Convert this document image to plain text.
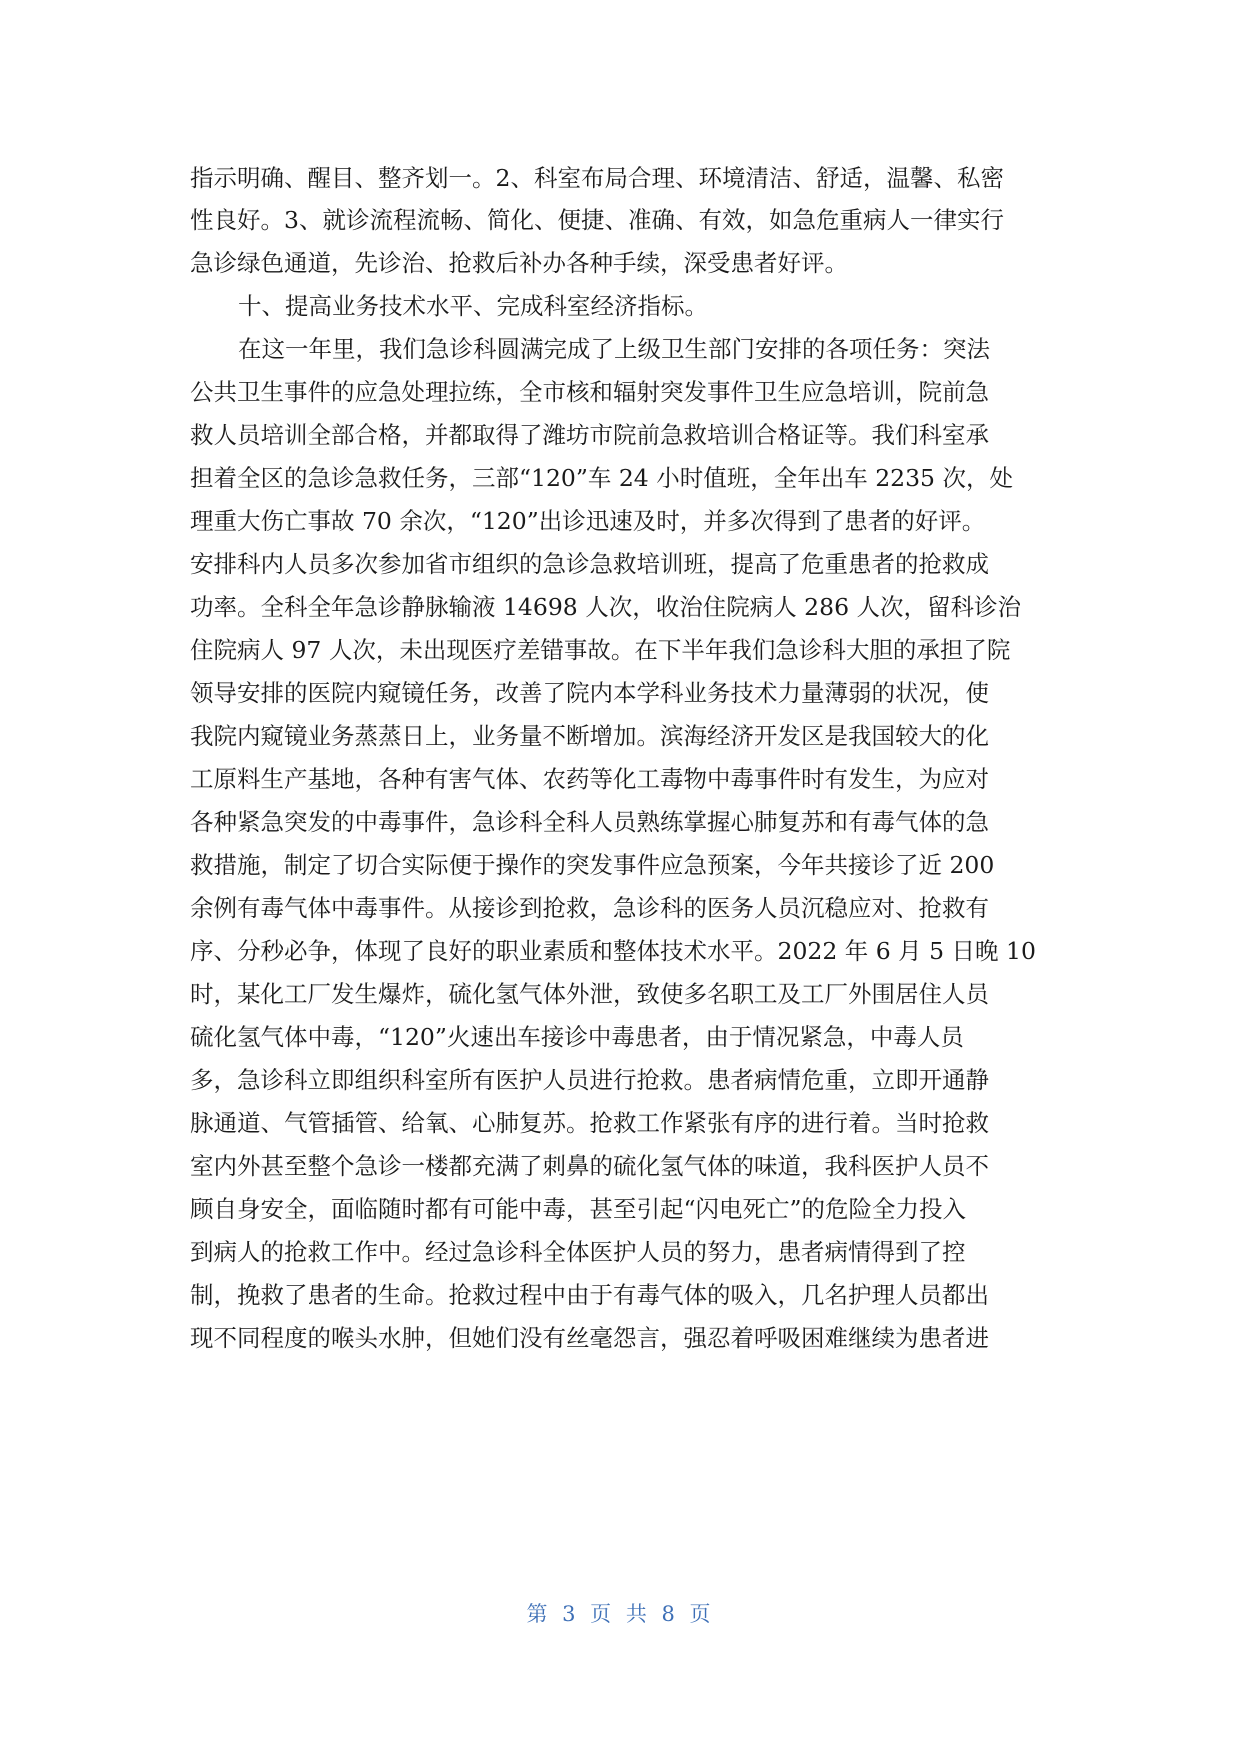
指示明确、醒目、整齐划一。2、科室布局合理、环境清洁、舒适，温馨、私密
性良好。3、就诊流程流畅、简化、便捷、准确、有效，如急危重病人一律实行
急诊绿色通道，先诊治、抢救后补办各种手续，深受患者好评。
十、提高业务技术水平、完成科室经济指标。
在这一年里，我们急诊科圆满完成了上级卫生部门安排的各项任务：突法
公共卫生事件的应急处理拉练，全市核和辐射突发事件卫生应急培训，院前急
救人员培训全部合格，并都取得了潍坊市院前急救培训合格证等。我们科室承
担着全区的急诊急救任务，三部“120”车 24 小时值班，全年出车 2235 次，处
理重大伤亡事故 70 余次，“120”出诊迅速及时，并多次得到了患者的好评。
安排科内人员多次参加省市组织的急诊急救培训班，提高了危重患者的抢救成
功率。全科全年急诊静脉输液 14698 人次，收治住院病人 286 人次，留科诊治
住院病人 97 人次，未出现医疗差错事故。在下半年我们急诊科大胆的承担了院
领导安排的医院内窥镜任务，改善了院内本学科业务技术力量薄弱的状况，使
我院内窥镜业务蒸蒸日上，业务量不断增加。滨海经济开发区是我国较大的化
工原料生产基地，各种有害气体、农药等化工毒物中毒事件时有发生，为应对
各种紧急突发的中毒事件，急诊科全科人员熟练掌握心肺复苏和有毒气体的急
救措施，制定了切合实际便于操作的突发事件应急预案，今年共接诊了近 200
余例有毒气体中毒事件。从接诊到抢救，急诊科的医务人员沉稳应对、抢救有
序、分秒必争，体现了良好的职业素质和整体技术水平。2022 年 6 月 5 日晚 10
时，某化工厂发生爆炸，硫化氢气体外泄，致使多名职工及工厂外围居住人员
硫化氢气体中毒，“120”火速出车接诊中毒患者，由于情况紧急，中毒人员
多，急诊科立即组织科室所有医护人员进行抢救。患者病情危重，立即开通静
脉通道、气管插管、给氧、心肺复苏。抢救工作紧张有序的进行着。当时抢救
室内外甚至整个急诊一楼都充满了刺鼻的硫化氢气体的味道，我科医护人员不
顾自身安全，面临随时都有可能中毒，甚至引起“闪电死亡”的危险全力投入
到病人的抢救工作中。经过急诊科全体医护人员的努力，患者病情得到了控
制，挽救了患者的生命。抢救过程中由于有毒气体的吸入，几名护理人员都出
现不同程度的喉头水肿，但她们没有丝毫怨言，强忍着呼吸困难继续为患者进
第 3 页 共 8 页
